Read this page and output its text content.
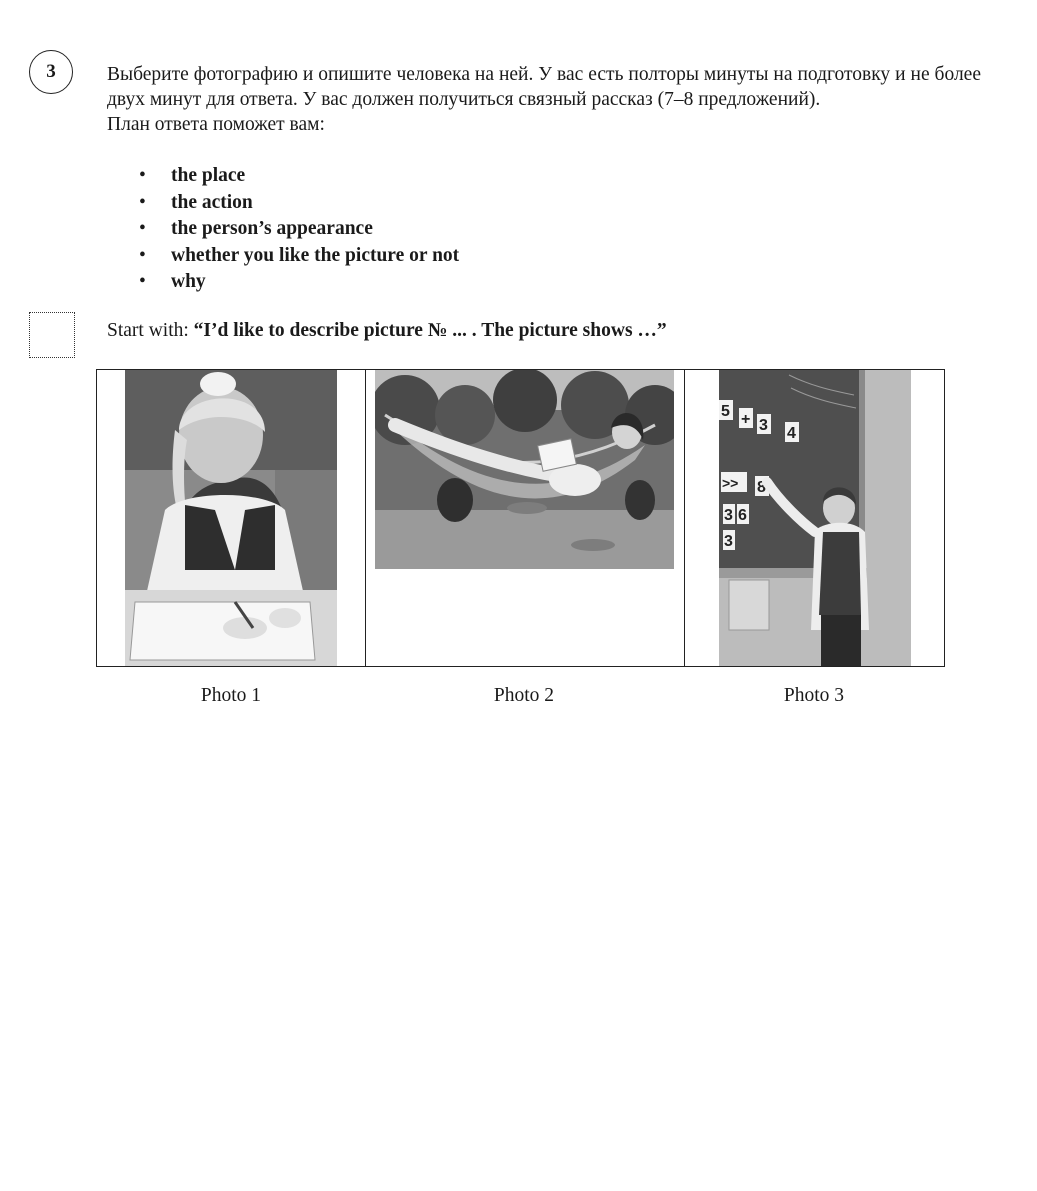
3	Выберите фотографию и опишите человека на ней. У вас есть полторы минуты на подготовку и не более двух минут для ответа. У вас должен получиться связный рассказ (7–8 предложений).

План ответа поможет вам:

• the place
• the action
• the person’s appearance
• whether you like the picture or not
• why
Start with: “I’d like to describe picture № ... . The picture shows …”
5 + 3 4
>> 8
3 6
3
Photo 1	Photo 2	Photo 3
